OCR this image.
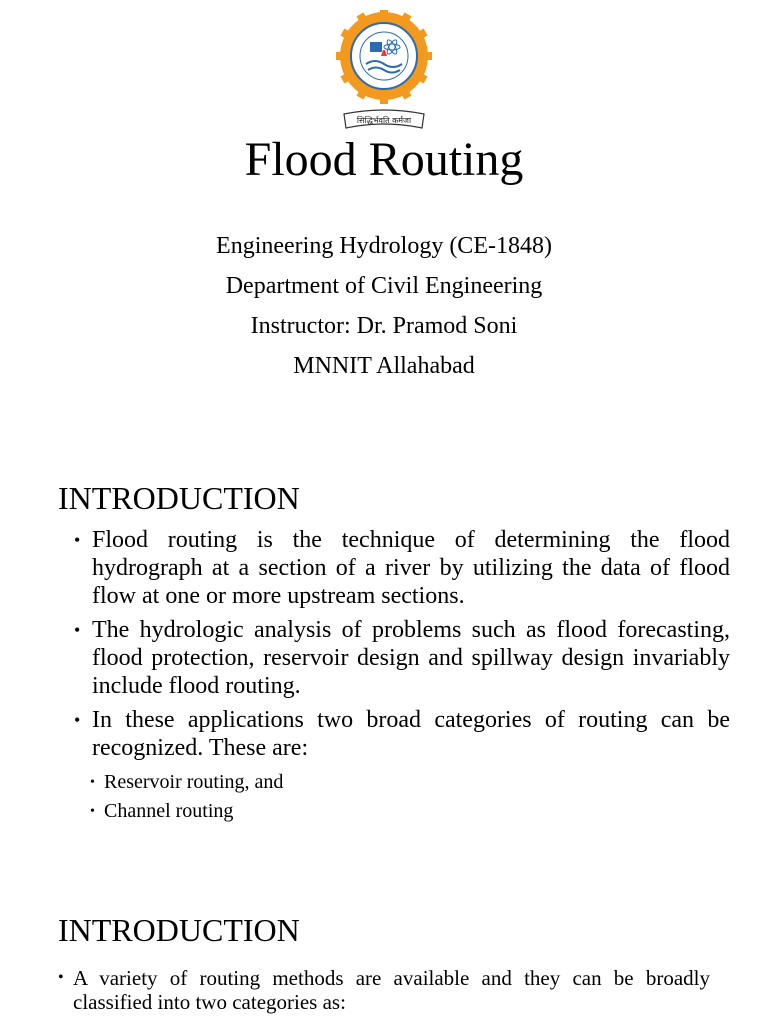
सिद्धिर्भवति कर्मजा
Flood Routing
Engineering Hydrology (CE-1848)
Department of Civil Engineering
Instructor: Dr. Pramod Soni
MNNIT Allahabad
INTRODUCTION
• Flood routing is the technique of determining the flood hydrograph at a section of a river by utilizing the data of flood flow at one or more upstream sections.
• The hydrologic analysis of problems such as flood forecasting, flood protection, reservoir design and spillway design invariably include flood routing.
• In these applications two broad categories of routing can be recognized. These are:
• Reservoir routing, and
• Channel routing
INTRODUCTION
• A variety of routing methods are available and they can be broadly classified into two categories as:
